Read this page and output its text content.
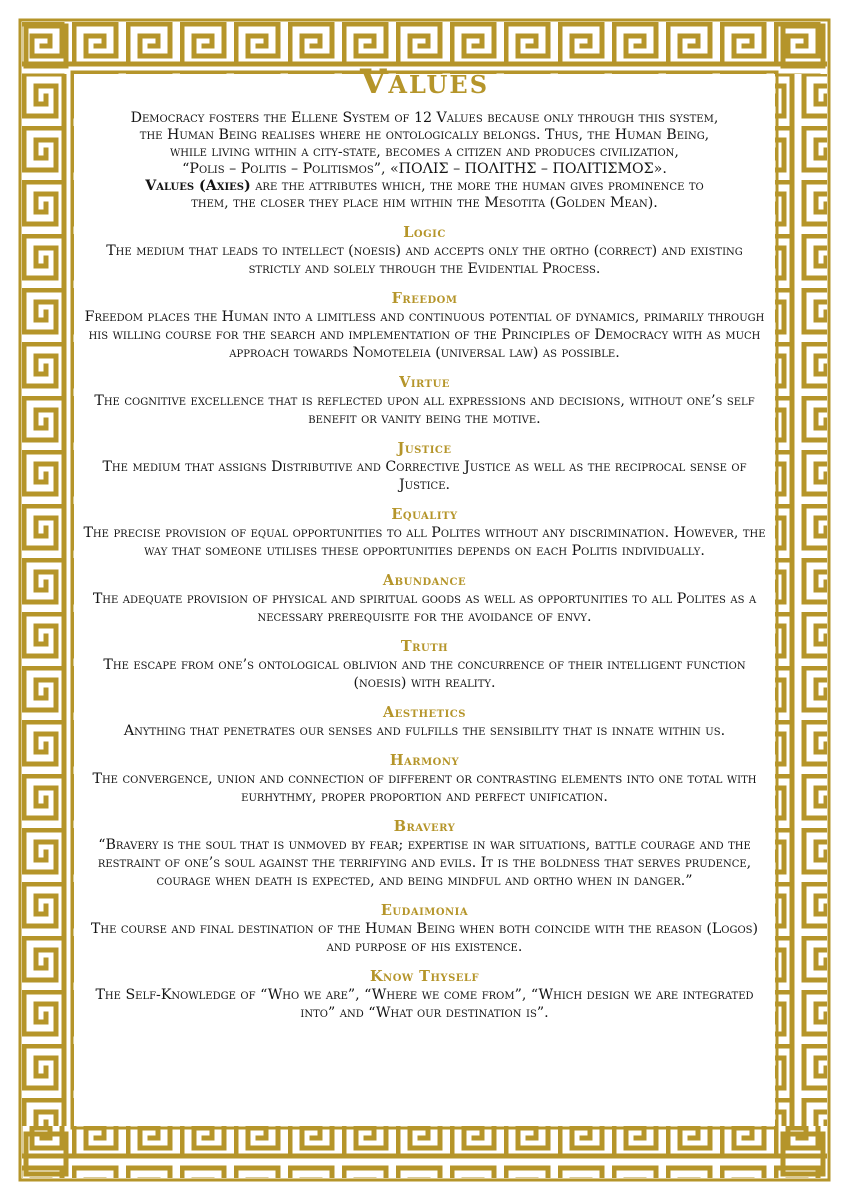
Values
Democracy fosters the Ellene System of 12 Values because only through this system,
the Human Being realises where he ontologically belongs. Thus, the Human Being,
while living within a city-state, becomes a citizen and produces civilization,
“Polis – Politis – Politismos”, «ΠΟΛΙΣ – ΠΟΛΙΤΗΣ – ΠΟΛΙΤΙΣΜΟΣ».
Values (Axies) are the attributes which, the more the human gives prominence to
them, the closer they place him within the Mesotita (Golden Mean).

Logic

The medium that leads to intellect (noesis) and accepts only the ortho (correct) and existing strictly and solely through the Evidential Process.

Freedom

Freedom places the Human into a limitless and continuous potential of dynamics, primarily through his willing course for the search and implementation of the Principles of Democracy with as much approach towards Nomoteleia (universal law) as possible.

Virtue

The cognitive excellence that is reflected upon all expressions and decisions, without one’s self benefit or vanity being the motive.

Justice

The medium that assigns Distributive and Corrective Justice as well as the reciprocal sense of Justice.

Equality

The precise provision of equal opportunities to all Polites without any discrimination. However, the way that someone utilises these opportunities depends on each Politis individually.

Abundance

The adequate provision of physical and spiritual goods as well as opportunities to all Polites as a necessary prerequisite for the avoidance of envy.

Truth

The escape from one’s ontological oblivion and the concurrence of their intelligent function (noesis) with reality.

Aesthetics

Anything that penetrates our senses and fulfills the sensibility that is innate within us.

Harmony

The convergence, union and connection of different or contrasting elements into one total with eurhythmy, proper proportion and perfect unification.

Bravery

“Bravery is the soul that is unmoved by fear; expertise in war situations, battle courage and the restraint of one’s soul against the terrifying and evils. It is the boldness that serves prudence, courage when death is expected, and being mindful and ortho when in danger.”

Eudaimonia

The course and final destination of the Human Being when both coincide with the reason (Logos) and purpose of his existence.

Know Thyself

The Self-Knowledge of “Who we are”, “Where we come from”, “Which design we are integrated into” and “What our destination is”.
